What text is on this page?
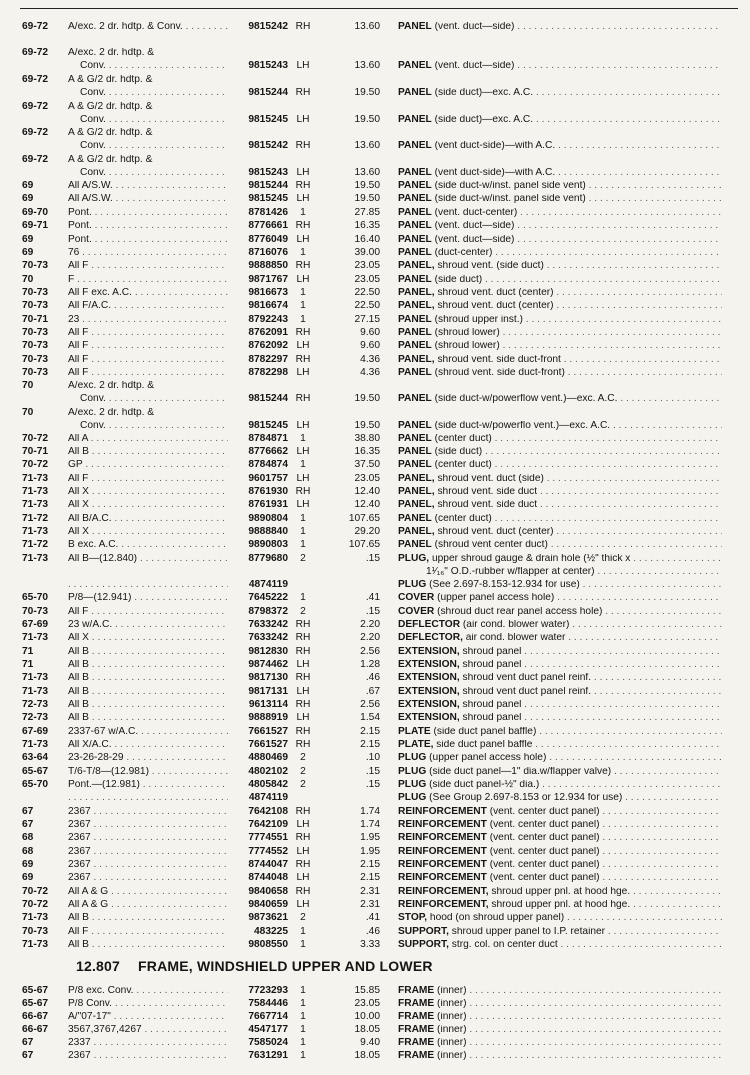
69-72 A/exc. 2 dr. hdtp. & Conv. . . .	9815242 RH	13.60 PANEL (vent. duct—side) . . .
69-72 A/exc. 2 dr. hdtp. &
Conv. . . .	9815243 LH	13.60 PANEL (vent. duct—side) . . .
69-72 A & G/2 dr. hdtp. &
Conv. . . .	9815244 RH	19.50 PANEL (side duct)—exc. A.C. . . .
69-72 A & G/2 dr. hdtp. &
Conv. . . .	9815245 LH	19.50 PANEL (side duct)—exc. A.C. . . .
69-72 A & G/2 dr. hdtp. &
Conv. . . .	9815242 RH	13.60 PANEL (vent duct-side)—with A.C. . . .
69-72 A & G/2 dr. hdtp. &
Conv. . . .	9815243 LH	13.60 PANEL (vent duct-side)—with A.C. . . .
69	All A/S.W. . . .	9815244 RH	19.50 PANEL (side duct-w/inst. panel side vent) . . .
69	All A/S.W. . . .	9815245 LH	19.50 PANEL (side duct-w/inst. panel side vent) . . .
69-70 Pont. . . .	8781426	1	27.85 PANEL (vent. duct-center) . . .
69-71 Pont. . . .	8776661 RH	16.35 PANEL (vent. duct—side) . . .
69	Pont. . . .	8776049 LH	16.40 PANEL (vent. duct—side) . . .
69	76 . . .	8716076	1	39.00 PANEL (duct-center) . . .
70-73 All F . . .	9888850 RH	23.05 PANEL, shroud vent. (side duct) . . .
70	F . . .	9871767 LH	23.05 PANEL (side duct) . . .
70-73 All F exc. A.C. . . .	9816673	1	22.50 PANEL, shroud vent. duct (center) . . .
70-73 All F/A.C. . . .	9816674	1	22.50 PANEL, shroud vent. duct (center) . . .
70-71 23 . . .	8792243	1	27.15 PANEL (shroud upper inst.) . . .
70-73 All F . . .	8762091 RH	9.60 PANEL (shroud lower) . . .
70-73 All F . . .	8762092 LH	9.60 PANEL (shroud lower) . . .
70-73 All F . . .	8782297 RH	4.36 PANEL, shroud vent. side duct-front . . .
70-73 All F . . .	8782298 LH	4.36 PANEL (shroud vent. side duct-front) . . .
70	A/exc. 2 dr. hdtp. &
Conv. . . .	9815244 RH	19.50 PANEL (side duct-w/powerflow vent.)—exc. A.C. . . .
70	A/exc. 2 dr. hdtp. &
Conv. . . .	9815245 LH	19.50 PANEL (side duct-w/powerflo vent.)—exc. A.C. . . .
70-72 All A . . .	8784871	1	38.80 PANEL (center duct) . . .
70-71 All B . . .	8776662 LH	16.35 PANEL (side duct) . . .
70-72 GP . . .	8784874	1	37.50 PANEL (center duct) . . .
71-73 All F . . .	9601757 LH	23.05 PANEL, shroud vent. duct (side) . . .
71-73 All X . . .	8761930 RH	12.40 PANEL, shroud vent. side duct . . .
71-73 All X . . .	8761931 LH	12.40 PANEL, shroud vent. side duct . . .
71-72 All B/A.C. . . .	9890804	1	107.65 PANEL (center duct) . . .
71-73 All X . . .	9888840	1	29.20 PANEL, shroud vent. duct (center) . . .
71-72 B exc. A.C. . . .	9890803	1	107.65 PANEL (shroud vent center duct) . . .
71-73 All B—(12.840) . . .	8779680	2	.15 PLUG, upper shroud gauge & drain hole (½" thick x . . .
1¹⁄₁₆" O.D.-rubber w/flapper at center) . . .
. . .
4874119	PLUG (See 2.697-8.153-12.934 for use) . . .
65-70 P/8—(12.941) . . .	7645222	1	.41 COVER (upper panel access hole) . . .
70-73 All F . . .	8798372	2	.15 COVER (shroud duct rear panel access hole) . . .
67-69 23 w/A.C. . . .	7633242 RH	2.20 DEFLECTOR (air cond. blower water) . . .
71-73 All X . . .	7633242 RH	2.20 DEFLECTOR, air cond. blower water . . .
71	All B . . .	9812830 RH	2.56 EXTENSION, shroud panel . . .
71	All B . . .	9874462 LH	1.28 EXTENSION, shroud panel . . .
71-73 All B . . .	9817130 RH	.46 EXTENSION, shroud vent duct panel reinf. . . .
71-73 All B . . .	9817131 LH	.67 EXTENSION, shroud vent duct panel reinf. . . .
72-73 All B . . .	9613114 RH	2.56 EXTENSION, shroud panel . . .
72-73 All B . . .	9888919 LH	1.54 EXTENSION, shroud panel . . .
67-69 2337-67 w/A.C. . . .	7661527 RH	2.15 PLATE (side duct panel baffle) . . .
71-73 All X/A.C. . . .	7661527 RH	2.15 PLATE, side duct panel baffle . . .
63-64 23-26-28-29 . . .	4880469	2	.10 PLUG (upper panel access hole) . . .
65-67 T/6-T/8—(12.981) . . .	4802102	2	.15 PLUG (side duct panel—1" dia.w/flapper valve) . . .
65-70 Pont.—(12.981) . . .	4805842	2	.15 PLUG (side duct panel-½" dia.) . . .
. . .
4874119	PLUG (See Group 2.697-8.153 or 12.934 for use) . . .
67	2367 . . .	7642108 RH	1.74 REINFORCEMENT (vent. center duct panel) . . .
67	2367 . . .	7642109 LH	1.74 REINFORCEMENT (vent. center duct panel) . . .
68	2367 . . .	7774551 RH	1.95 REINFORCEMENT (vent. center duct panel) . . .
68	2367 . . .	7774552 LH	1.95 REINFORCEMENT (vent. center duct panel) . . .
69	2367 . . .	8744047 RH	2.15 REINFORCEMENT (vent. center duct panel) . . .
69	2367 . . .	8744048 LH	2.15 REINFORCEMENT (vent. center duct panel) . . .
70-72 All A & G . . .	9840658 RH	2.31 REINFORCEMENT, shroud upper pnl. at hood hge. . . .
70-72 All A & G . . .	9840659 LH	2.31 REINFORCEMENT, shroud upper pnl. at hood hge. . . .
71-73 All B . . .	9873621	2	.41 STOP, hood (on shroud upper panel) . . .
70-73 All F . . .	483225	1	.46 SUPPORT, shroud upper panel to I.P. retainer . . .
71-73 All B . . .	9808550	1	3.33 SUPPORT, strg. col. on center duct . . .
65-67 P/8 exc. Conv. . . .	7723293	1	15.85 FRAME (inner) . . .
65-67 P/8 Conv. . . .	7584446	1	23.05 FRAME (inner) . . .
66-67 A/"07-17" . . .	7667714	1	10.00 FRAME (inner) . . .
66-67 3567,3767,4267 . . .	4547177	1	18.05 FRAME (inner) . . .
67	2337 . . .	7585024	1	9.40 FRAME (inner) . . .
67	2367 . . .	7631291	1	18.05 FRAME (inner) . . .
12.807 FRAME, WINDSHIELD UPPER AND LOWER
